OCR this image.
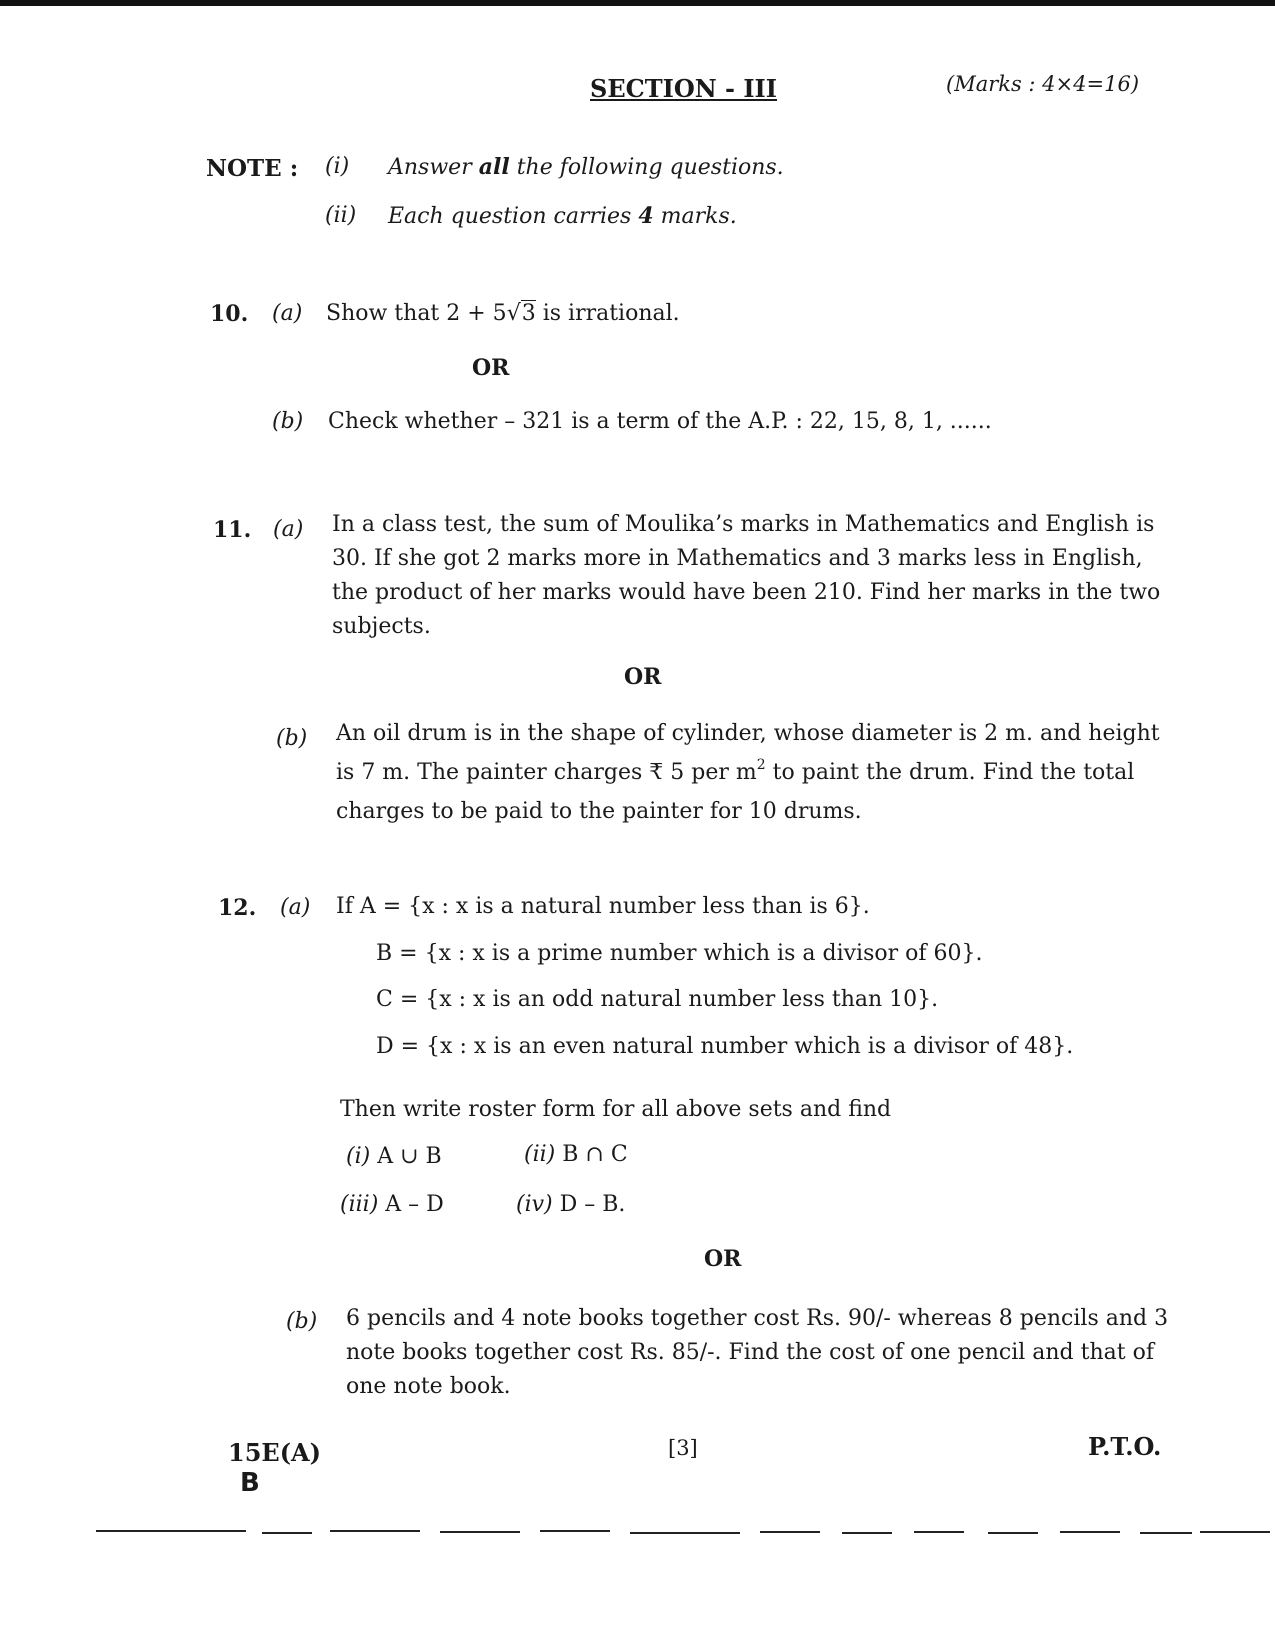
SECTION - III	(Marks : 4×4=16)
NOTE : (i) Answer all the following questions.
(ii) Each question carries 4 marks.
10. (a) Show that 2 + 5√3 is irrational.
OR
(b) Check whether – 321 is a term of the A.P. : 22, 15, 8, 1, ......
11. (a) In a class test, the sum of Moulika’s marks in Mathematics and English is 30. If she got 2 marks more in Mathematics and 3 marks less in English, the product of her marks would have been 210. Find her marks in the two subjects.
OR
(b) An oil drum is in the shape of cylinder, whose diameter is 2 m. and height is 7 m. The painter charges ₹ 5 per $m^2$ to paint the drum. Find the total charges to be paid to the painter for 10 drums.
12. (a) If A = {x : x is a natural number less than is 6}.
B = {x : x is a prime number which is a divisor of 60}.
C = {x : x is an odd natural number less than 10}.
D = {x : x is an even natural number which is a divisor of 48}.
Then write roster form for all above sets and find
(i) A ∪ B	(ii) B ∩ C
(iii) A – D	(iv) D – B.
OR
(b) 6 pencils and 4 note books together cost Rs. 90/- whereas 8 pencils and 3 note books together cost Rs. 85/-. Find the cost of one pencil and that of one note book.
15E(A)
B
[3]	P.T.O.
